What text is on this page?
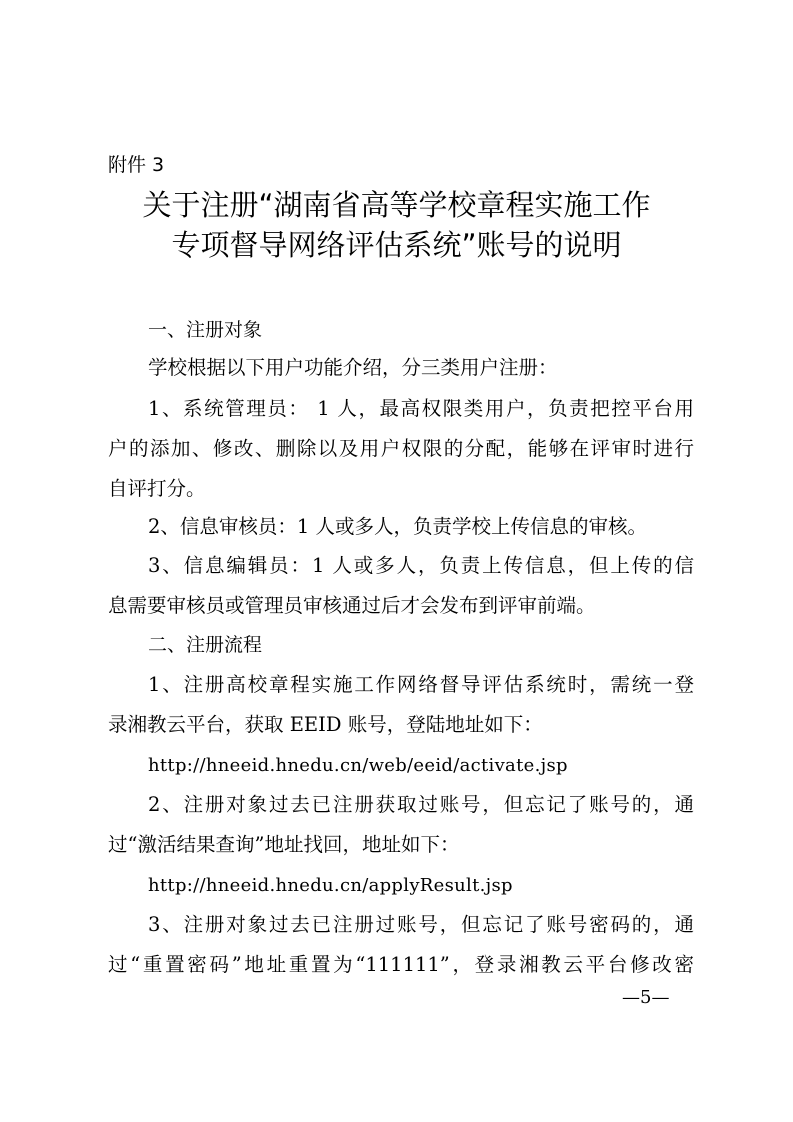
附件 3
关于注册“湖南省高等学校章程实施工作
专项督导网络评估系统”账号的说明
一、注册对象
学校根据以下用户功能介绍，分三类用户注册：
1、系统管理员： 1 人，最高权限类用户，负责把控平台用
户的添加、修改、删除以及用户权限的分配，能够在评审时进行
自评打分。
2、信息审核员：1 人或多人，负责学校上传信息的审核。
3、信息编辑员：1 人或多人，负责上传信息，但上传的信
息需要审核员或管理员审核通过后才会发布到评审前端。
二、注册流程
1、注册高校章程实施工作网络督导评估系统时，需统一登
录湘教云平台，获取 EEID 账号，登陆地址如下：
http://hneeid.hnedu.cn/web/eeid/activate.jsp
2、注册对象过去已注册获取过账号，但忘记了账号的，通
过“激活结果查询”地址找回，地址如下：
http://hneeid.hnedu.cn/applyResult.jsp
3、注册对象过去已注册过账号，但忘记了账号密码的，通
过“重置密码”地址重置为“111111”，登录湘教云平台修改密
—5—
